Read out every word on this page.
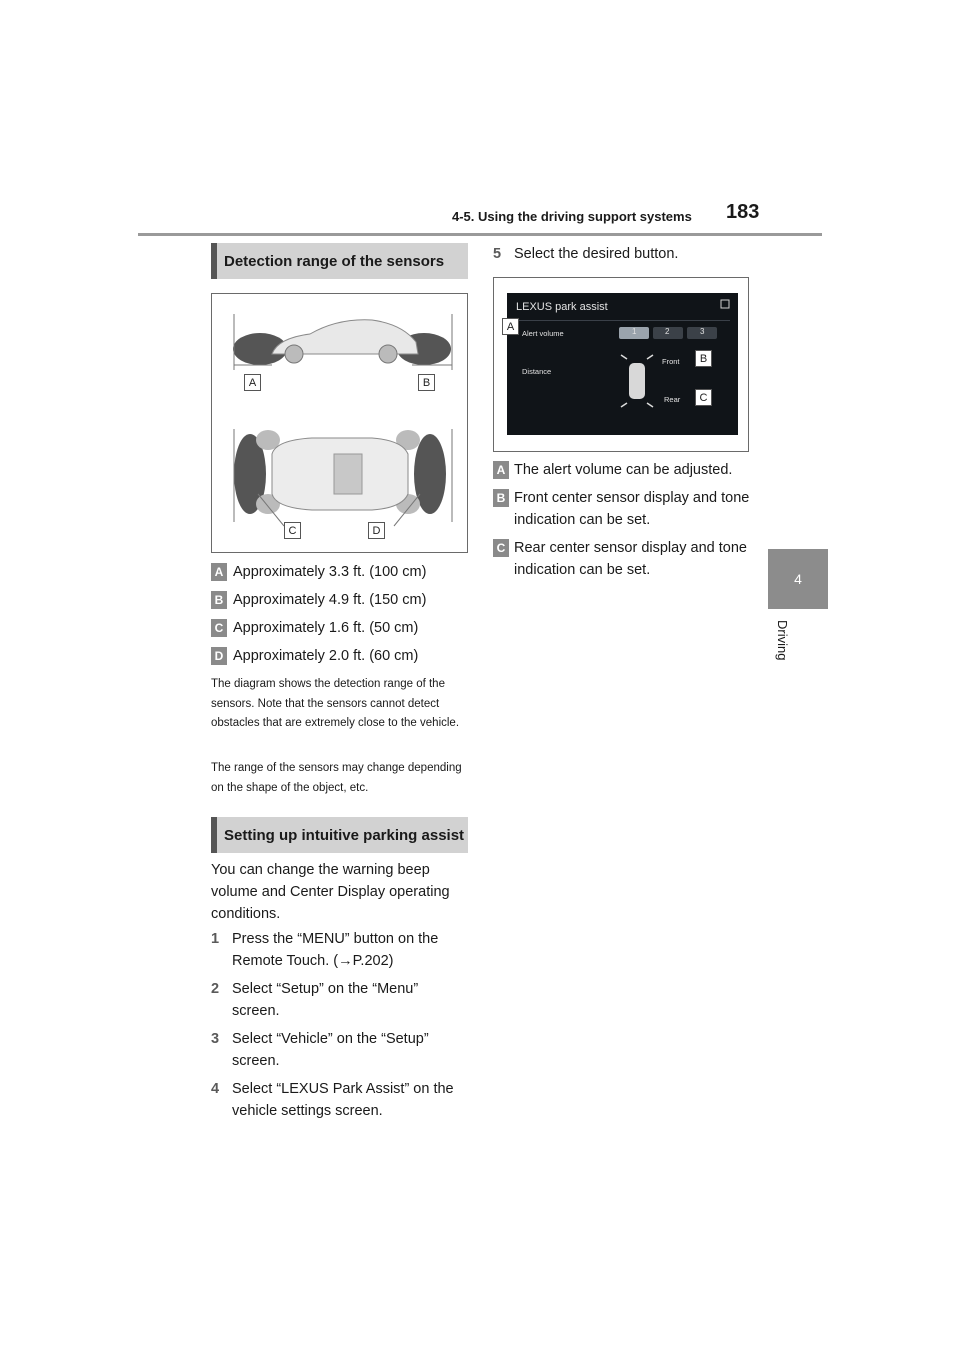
4-5. Using the driving support systems 183
4
Driving
Detection range of the sensors
A	B
C	D
A Approximately 3.3 ft. (100 cm)
B Approximately 4.9 ft. (150 cm)
C Approximately 1.6 ft. (50 cm)
D Approximately 2.0 ft. (60 cm)
The diagram shows the detection range of the sensors. Note that the sensors cannot detect obstacles that are extremely close to the vehicle.
The range of the sensors may change depending on the shape of the object, etc.
Setting up intuitive parking assist
You can change the warning beep volume and Center Display operating conditions.
1 Press the “MENU” button on the Remote Touch. (→P.202)
2 Select “Setup” on the “Menu” screen.
3 Select “Vehicle” on the “Setup” screen.
4 Select “LEXUS Park Assist” on the vehicle settings screen.
5 Select the desired button.
LEXUS park assist
Alert volume	1	2	3
Distance
Front
Rear
A
B
C
A The alert volume can be adjusted.
B Front center sensor display and tone indication can be set.
C Rear center sensor display and tone indication can be set.
